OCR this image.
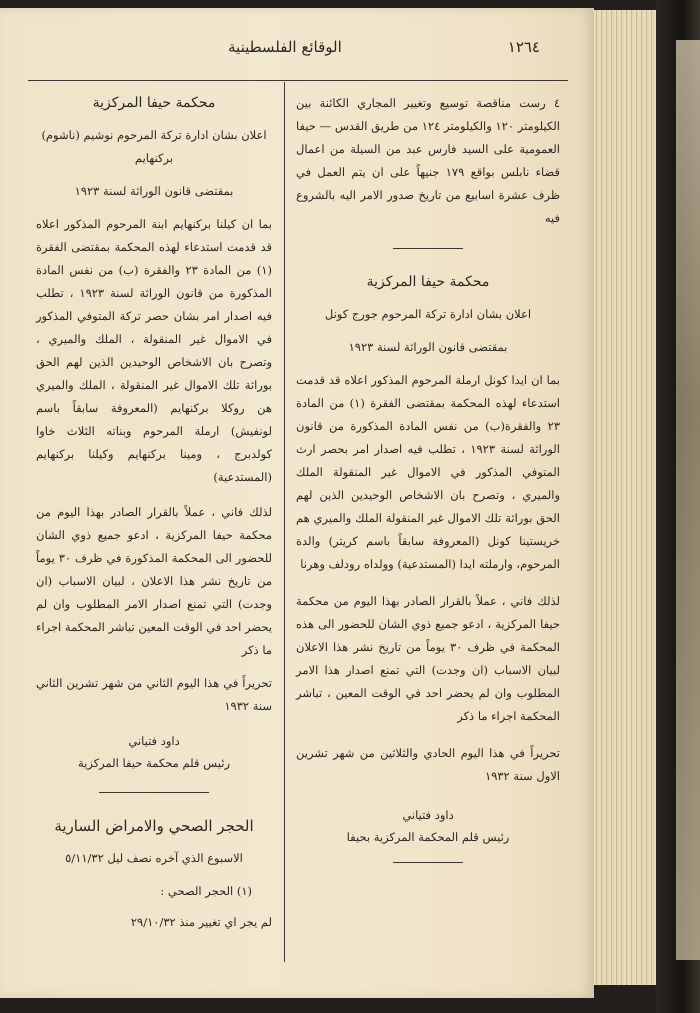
١٢٦٤
الوقائع الفلسطينية

٤ رست مناقصة توسيع وتغيير المجاري الكائنة بين الكيلومتر ١٢٠ والكيلومتر ١٢٤ من طريق القدس — حيفا العمومية على السيد فارس عبد من السيلة من اعمال قضاء نابلس بواقع ١٧٩ جنيهاً على ان يتم العمل في ظرف عشرة اسابيع من تاريخ صدور الامر اليه بالشروع فيه

محكمة حيفا المركزية

اعلان بشان ادارة تركة المرحوم جورج كونل

بمقتضى قانون الوراثة لسنة ١٩٢٣

بما ان ايدا كونل ارملة المرحوم المذكور اعلاه قد قدمت استدعاء لهذه المحكمة بمقتضى الفقرة (١) من المادة ٢٣ والفقرة(ب) من نفس المادة المذكورة من قانون الوراثة لسنة ١٩٢٣ ، تطلب فيه اصدار امر بحصر ارث المتوفي المذكور في الاموال غير المنقولة الملك والميري ، وتصرح بان الاشخاص الوحيدين الذين لهم الحق بوراثة تلك الاموال غير المنقولة الملك والميري هم خريستينا كونل (المعروفة سابقاً باسم كريتر) والدة المرحوم، وارملته ايدا (المستدعية) وولداه رودلف وهرنا

لذلك فاني ، عملاً بالقرار الصادر بهذا اليوم من محكمة حيفا المركزية ، ادعو جميع ذوي الشان للحضور الى هذه المحكمة في ظرف ٣٠ يوماً من تاريخ نشر هذا الاعلان لبيان الاسباب (ان وجدت) التي تمنع اصدار هذا الامر المطلوب وان لم يحضر احد في الوقت المعين ، تباشر المحكمة اجراء ما ذكر

تحريراً في هذا اليوم الحادي والثلاثين من شهر تشرين الاول سنة ١٩٣٢

داود فتياني

رئيس قلم المحكمة المركزية بحيفا

محكمة حيفا المركزية

اعلان بشان ادارة تركة المرحوم نوشيم (ناشوم) بركنهايم

بمقتضى قانون الوراثة لسنة ١٩٢٣

بما ان كيلنا بركنهايم ابنة المرحوم المذكور اعلاه قد قدمت استدعاء لهذه المحكمة بمقتضى الفقرة (١) من المادة ٢٣ والفقرة (ب) من نفس المادة المذكورة من قانون الوراثة لسنة ١٩٢٣ ، تطلب فيه اصدار امر بشان حصر تركة المتوفي المذكور في الاموال غير المنقولة ، الملك والميري ، وتصرح بان الاشخاص الوحيدين الذين لهم الحق بوراثة تلك الاموال غير المنقولة ، الملك والميري هن روكلا بركنهايم (المعروفة سابقاً باسم لونفيش) ارملة المرحوم وبناته الثلاث خاوا كولدبرج ، ومينا بركنهايم وكيلنا بركنهايم (المستدعية)

لذلك فاني ، عملاً بالقرار الصادر بهذا اليوم من محكمة حيفا المركزية ، ادعو جميع ذوي الشان للحضور الى المحكمة المذكورة في ظرف ٣٠ يوماً من تاريخ نشر هذا الاعلان ، لبيان الاسباب (ان وجدت) التي تمنع اصدار الامر المطلوب وان لم يحضر احد في الوقت المعين تباشر المحكمة اجراء ما ذكر

تحريراً في هذا اليوم الثاني من شهر تشرين الثاني سنة ١٩٣٢

داود فتياني

رئيس قلم محكمة حيفا المركزية

الحجر الصحي والامراض السارية

الاسبوع الذي آخره نصف ليل ٥/١١/٣٢

(١) الحجر الصحي :

لم يجر اي تغيير منذ ٢٩/١٠/٣٢
